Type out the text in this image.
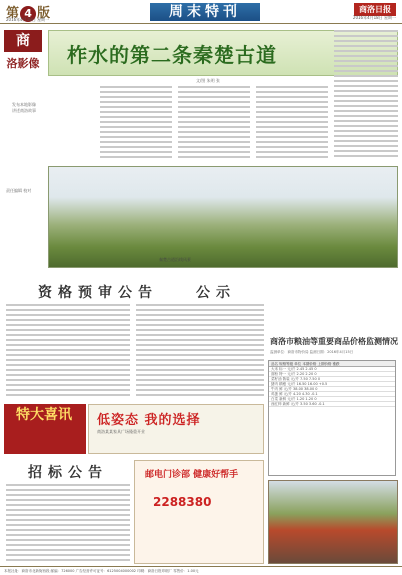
第 4 版
2016年4月18日 星期一	周末特刊	商洛日报
2016年4月18日 星期一
商
洛影像
发布本地影像 讲述商洛故事
责任编辑 校对
柞水的第二条秦楚古道
文/图 朱明 张
秦楚古道沿线风景
资格预审公告	公示
商洛市粮油等重要商品价格监测情况
监测单位：商洛市物价局 监测日期：2016年4月15日
品名 规格等级 单位 本期价格 上期价格 涨跌
大米 标一 元/斤 2.45 2.45 0
面粉 特一 元/斤 2.20 2.20 0
菜籽油 散装 元/斤 7.50 7.50 0
猪肉 精瘦 元/斤 16.50 16.00 +0.5
牛肉 鲜 元/斤 38.00 38.00 0
鸡蛋 鲜 元/斤 4.20 4.30 -0.1
白菜 新鲜 元/斤 1.20 1.20 0
西红柿 新鲜 元/斤 3.50 3.60 -0.1
特大喜讯 低姿态 我的选择
商洛某某家具广场隆重开业
招标公告	邮电门诊部 健康好帮手
2288380
本报社址：商洛市北新街西段 邮编：726000 广告经营许可证号：6125004000002 印刷：商洛日报印刷厂 零售价：1.00元
